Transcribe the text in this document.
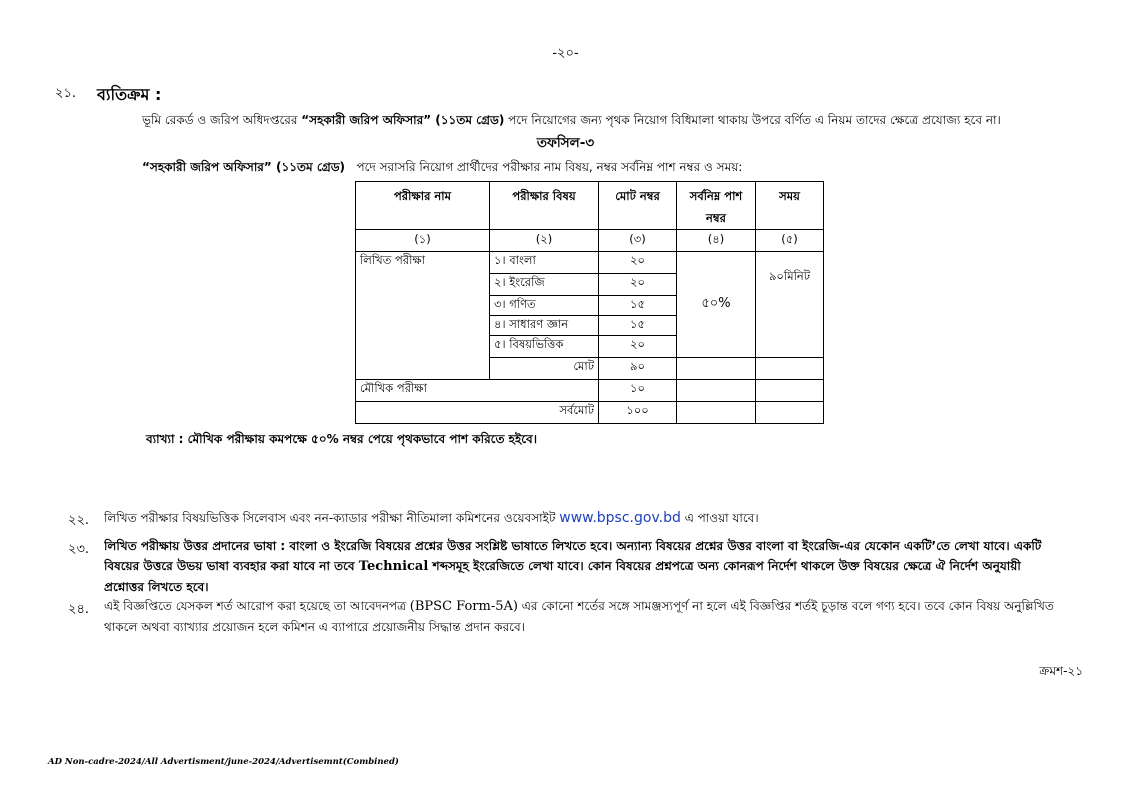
-২০-
২১. ব্যতিক্রম :
ভূমি রেকর্ড ও জরিপ অধিদপ্তরের “সহকারী জরিপ অফিসার” (১১তম গ্রেড) পদে নিয়োগের জন্য পৃথক নিয়োগ বিধিমালা থাকায় উপরে বর্ণিত এ নিয়ম তাদের ক্ষেত্রে প্রযোজ্য হবে না।
তফসিল-৩
“সহকারী জরিপ অফিসার” (১১তম গ্রেড) পদে সরাসরি নিয়োগ প্রার্থীদের পরীক্ষার নাম বিষয়, নম্বর সর্বনিম্ন পাশ নম্বর ও সময়:
পরীক্ষার নাম	পরীক্ষার বিষয়	মোট নম্বর	সর্বনিম্ন পাশ নম্বর	সময়
(১)	(২)	(৩)	(৪)	(৫)
লিখিত পরীক্ষা	১। বাংলা	২০	৫০%	৯০মিনিট
	২। ইংরেজি	২০		
	৩। গণিত	১৫		
	৪। সাধারণ জ্ঞান	১৫		
	৫। বিষয়ভিত্তিক	২০		
	মোট	৯০		
মৌখিক পরীক্ষা		১০		
সর্বমোট		১০০		
ব্যাখ্যা : মৌখিক পরীক্ষায় কমপক্ষে ৫০% নম্বর পেয়ে পৃথকভাবে পাশ করিতে হইবে।
২২. লিখিত পরীক্ষার বিষয়ভিত্তিক সিলেবাস এবং নন-ক্যাডার পরীক্ষা নীতিমালা কমিশনের ওয়েবসাইট www.bpsc.gov.bd এ পাওয়া যাবে।
২৩. লিখিত পরীক্ষায় উত্তর প্রদানের ভাষা : বাংলা ও ইংরেজি বিষয়ের প্রশ্নের উত্তর সংশ্লিষ্ট ভাষাতে লিখতে হবে। অন্যান্য বিষয়ের প্রশ্নের উত্তর বাংলা বা ইংরেজি-এর যেকোন একটি’তে লেখা যাবে। একটি
বিষয়ের উত্তরে উভয় ভাষা ব্যবহার করা যাবে না তবে Technical শব্দসমূহ ইংরেজিতে লেখা যাবে। কোন বিষয়ের প্রশ্নপত্রে অন্য কোনরূপ নির্দেশ থাকলে উক্ত বিষয়ের ক্ষেত্রে ঐ নির্দেশ অনুযায়ী
প্রশ্নোত্তর লিখতে হবে।
২৪. এই বিজ্ঞপ্তিতে যেসকল শর্ত আরোপ করা হয়েছে তা আবেদনপত্র (BPSC Form-5A) এর কোনো শর্তের সঙ্গে সামঞ্জস্যপূর্ণ না হলে এই বিজ্ঞপ্তির শর্তই চূড়ান্ত বলে গণ্য হবে। তবে কোন বিষয় অনুল্লিখিত
থাকলে অথবা ব্যাখ্যার প্রয়োজন হলে কমিশন এ ব্যাপারে প্রয়োজনীয় সিদ্ধান্ত প্রদান করবে।
ক্রমশ-২১
AD Non-cadre-2024/All Advertisment/june-2024/Advertisemnt(Combined)
